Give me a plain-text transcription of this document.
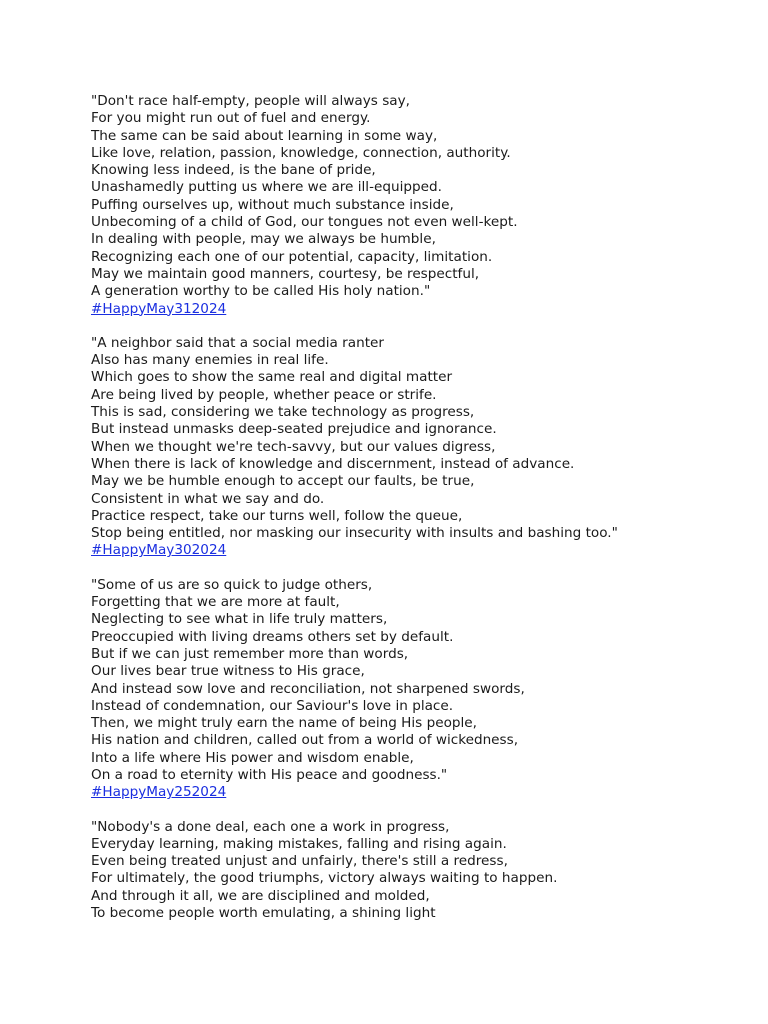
"Don't race half-empty, people will always say,
For you might run out of fuel and energy.
The same can be said about learning in some way,
Like love, relation, passion, knowledge, connection, authority.
Knowing less indeed, is the bane of pride,
Unashamedly putting us where we are ill-equipped.
Puffing ourselves up, without much substance inside,
Unbecoming of a child of God, our tongues not even well-kept.
In dealing with people, may we always be humble,
Recognizing each one of our potential, capacity, limitation.
May we maintain good manners, courtesy, be respectful,
A generation worthy to be called His holy nation."
#HappyMay312024
"A neighbor said that a social media ranter
Also has many enemies in real life.
Which goes to show the same real and digital matter
Are being lived by people, whether peace or strife.
This is sad, considering we take technology as progress,
But instead unmasks deep-seated prejudice and ignorance.
When we thought we're tech-savvy, but our values digress,
When there is lack of knowledge and discernment, instead of advance.
May we be humble enough to accept our faults, be true,
Consistent in what we say and do.
Practice respect, take our turns well, follow the queue,
Stop being entitled, nor masking our insecurity with insults and bashing too."
#HappyMay302024
"Some of us are so quick to judge others,
Forgetting that we are more at fault,
Neglecting to see what in life truly matters,
Preoccupied with living dreams others set by default.
But if we can just remember more than words,
Our lives bear true witness to His grace,
And instead sow love and reconciliation, not sharpened swords,
Instead of condemnation, our Saviour's love in place.
Then, we might truly earn the name of being His people,
His nation and children, called out from a world of wickedness,
Into a life where His power and wisdom enable,
On a road to eternity with His peace and goodness."
#HappyMay252024
"Nobody's a done deal, each one a work in progress,
Everyday learning, making mistakes, falling and rising again.
Even being treated unjust and unfairly, there's still a redress,
For ultimately, the good triumphs, victory always waiting to happen.
And through it all, we are disciplined and molded,
To become people worth emulating, a shining light
